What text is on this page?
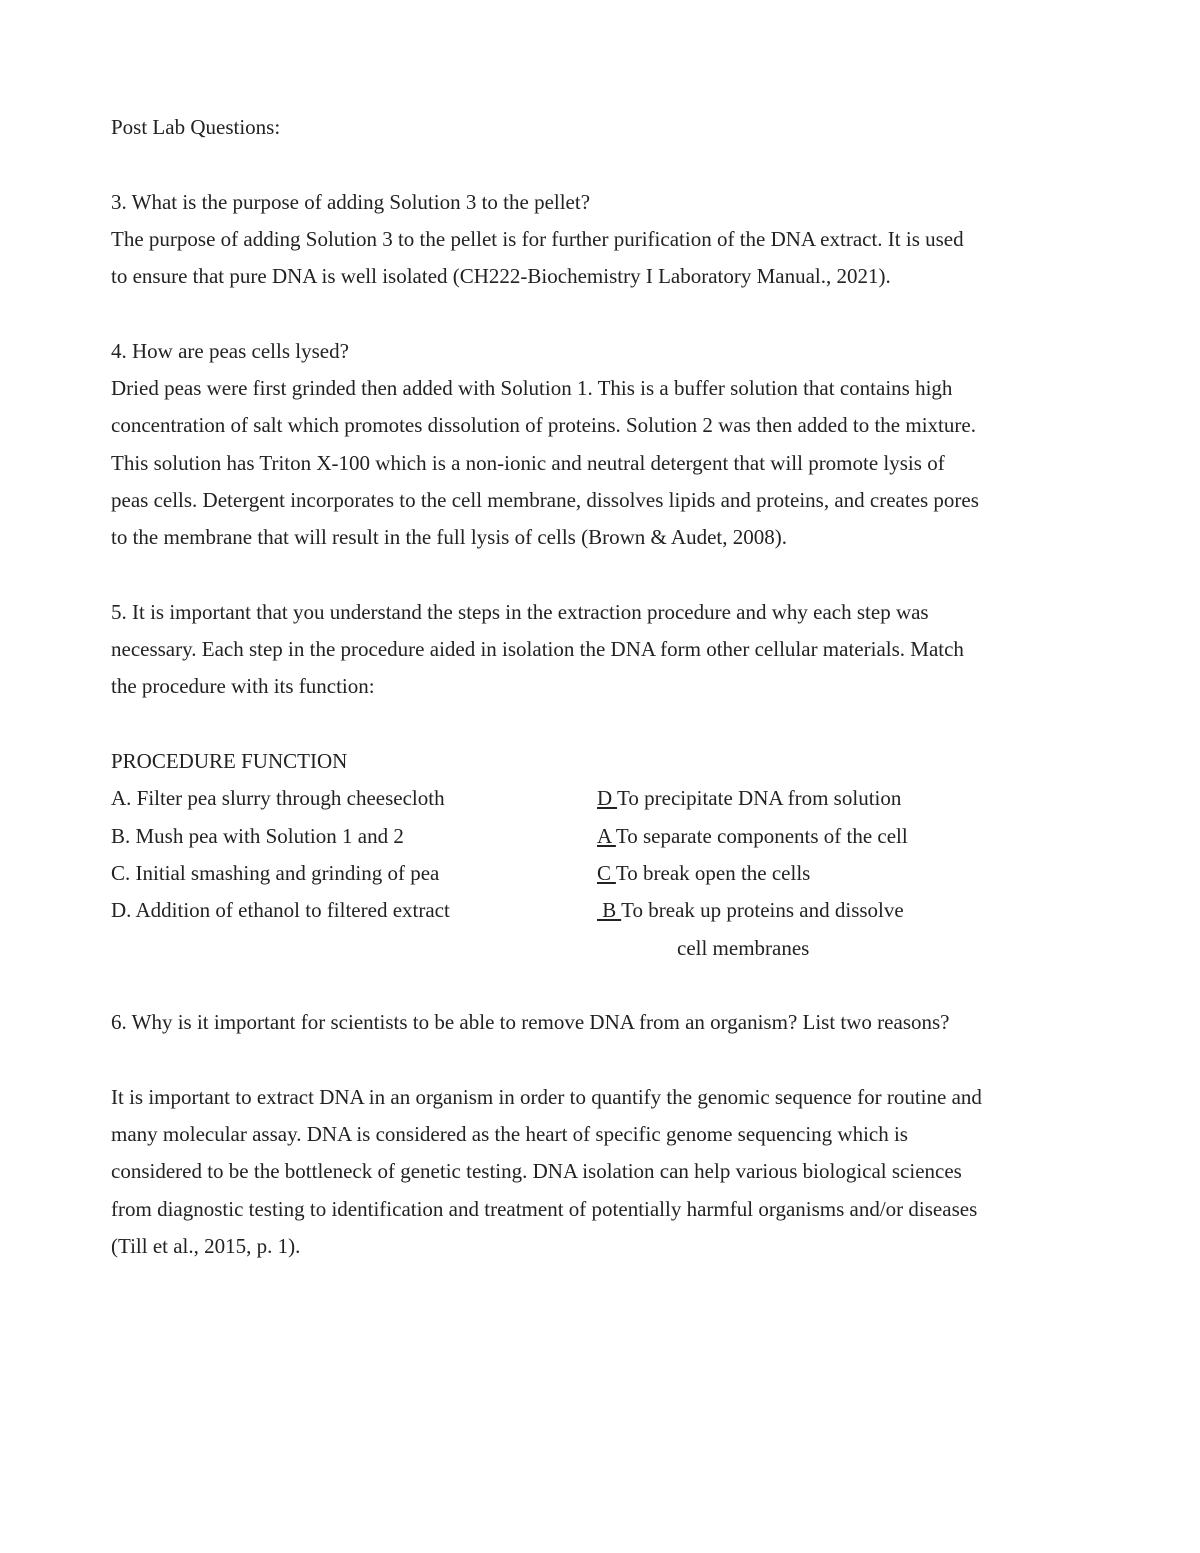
Post Lab Questions:

3. What is the purpose of adding Solution 3 to the pellet?

The purpose of adding Solution 3 to the pellet is for further purification of the DNA extract. It is used

to ensure that pure DNA is well isolated (CH222-Biochemistry I Laboratory Manual., 2021).

4. How are peas cells lysed?

Dried peas were first grinded then added with Solution 1. This is a buffer solution that contains high

concentration of salt which promotes dissolution of proteins. Solution 2 was then added to the mixture.

This solution has Triton X-100 which is a non-ionic and neutral detergent that will promote lysis of

peas cells. Detergent incorporates to the cell membrane, dissolves lipids and proteins, and creates pores

to the membrane that will result in the full lysis of cells (Brown & Audet, 2008).

5. It is important that you understand the steps in the extraction procedure and why each step was

necessary. Each step in the procedure aided in isolation the DNA form other cellular materials. Match

the procedure with its function:

PROCEDURE FUNCTION

A. Filter pea slurry through cheesecloth	D To precipitate DNA from solution
B. Mush pea with Solution 1 and 2	A To separate components of the cell
C. Initial smashing and grinding of pea	C To break open the cells
D. Addition of ethanol to filtered extract	B To break up proteins and dissolve

cell membranes

6. Why is it important for scientists to be able to remove DNA from an organism? List two reasons?

It is important to extract DNA in an organism in order to quantify the genomic sequence for routine and

many molecular assay. DNA is considered as the heart of specific genome sequencing which is

considered to be the bottleneck of genetic testing. DNA isolation can help various biological sciences

from diagnostic testing to identification and treatment of potentially harmful organisms and/or diseases

(Till et al., 2015, p. 1).
